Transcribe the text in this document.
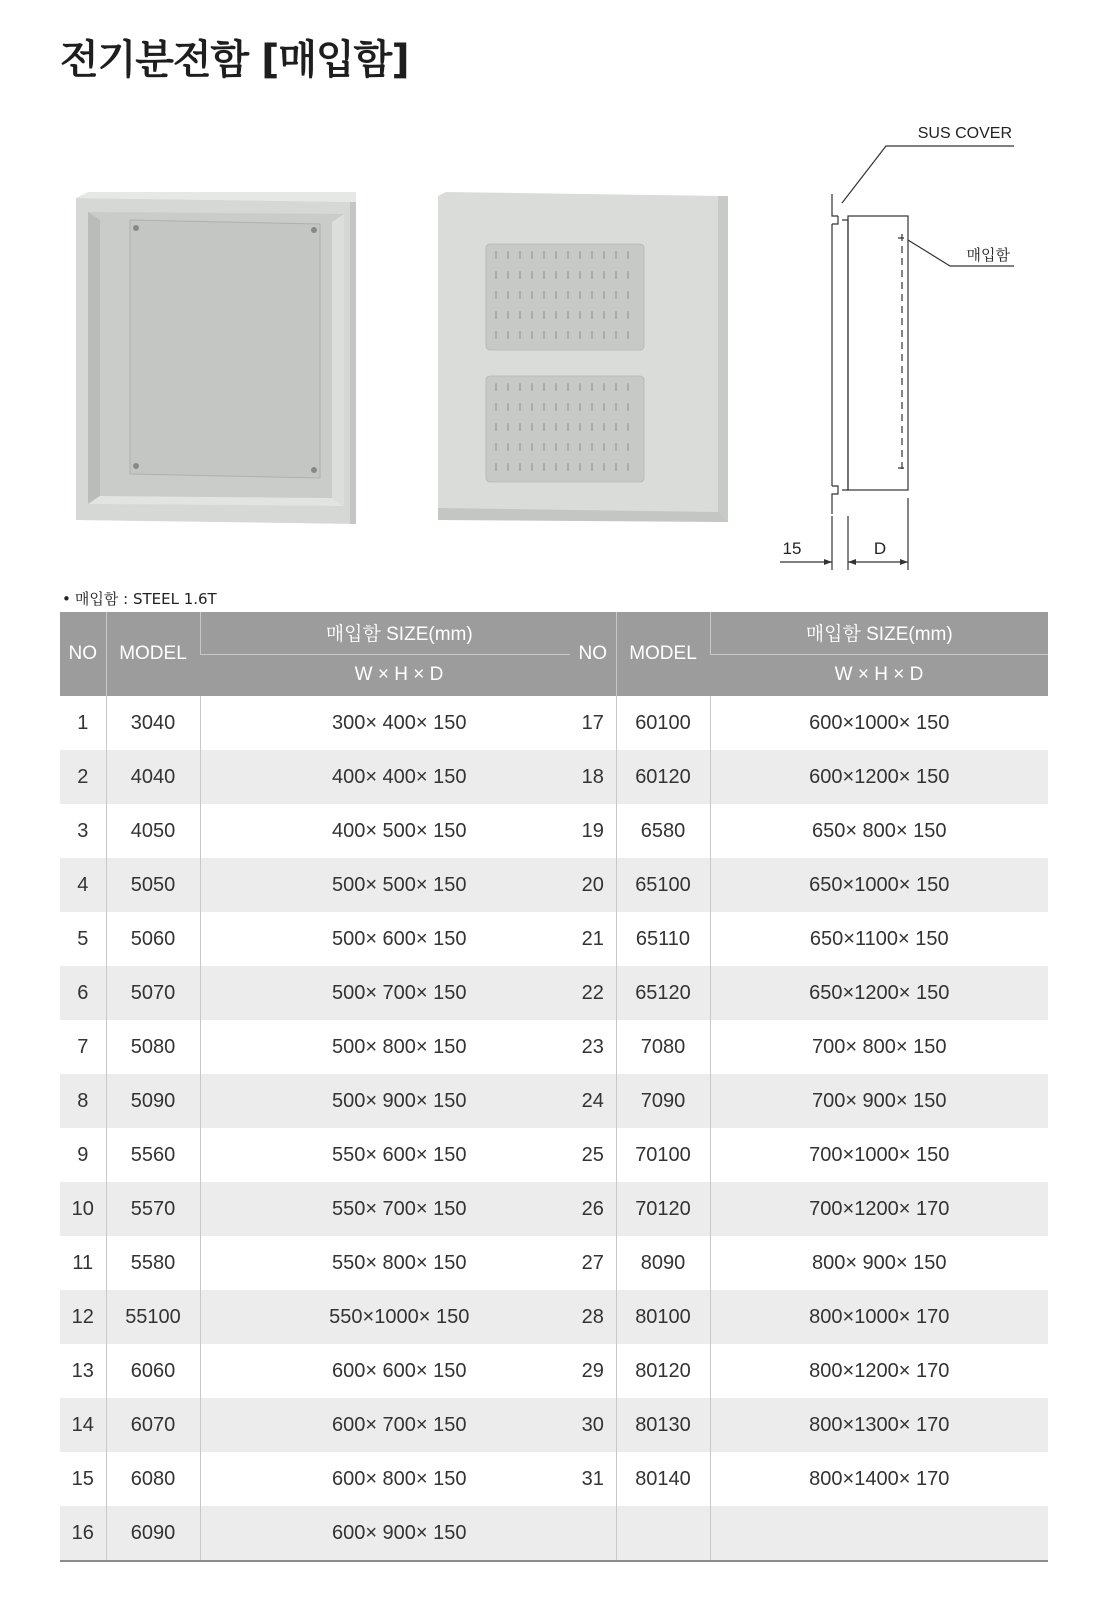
전기분전함 [매입함]
SUS COVER
매입함
15	D
• 매입함 : STEEL 1.6T
NO	MODEL	매입함 SIZE(mm)
		W × H × D
1	3040	300× 400× 150
2	4040	400× 400× 150
3	4050	400× 500× 150
4	5050	500× 500× 150
5	5060	500× 600× 150
6	5070	500× 700× 150
7	5080	500× 800× 150
8	5090	500× 900× 150
9	5560	550× 600× 150
10	5570	550× 700× 150
11	5580	550× 800× 150
12	55100	550×1000× 150
13	6060	600× 600× 150
14	6070	600× 700× 150
15	6080	600× 800× 150
16	6090	600× 900× 150
NO	MODEL	매입함 SIZE(mm)
		W × H × D
17	60100	600×1000× 150
18	60120	600×1200× 150
19	6580	650× 800× 150
20	65100	650×1000× 150
21	65110	650×1100× 150
22	65120	650×1200× 150
23	7080	700× 800× 150
24	7090	700× 900× 150
25	70100	700×1000× 150
26	70120	700×1200× 170
27	8090	800× 900× 150
28	80100	800×1000× 170
29	80120	800×1200× 170
30	80130	800×1300× 170
31	80140	800×1400× 170
